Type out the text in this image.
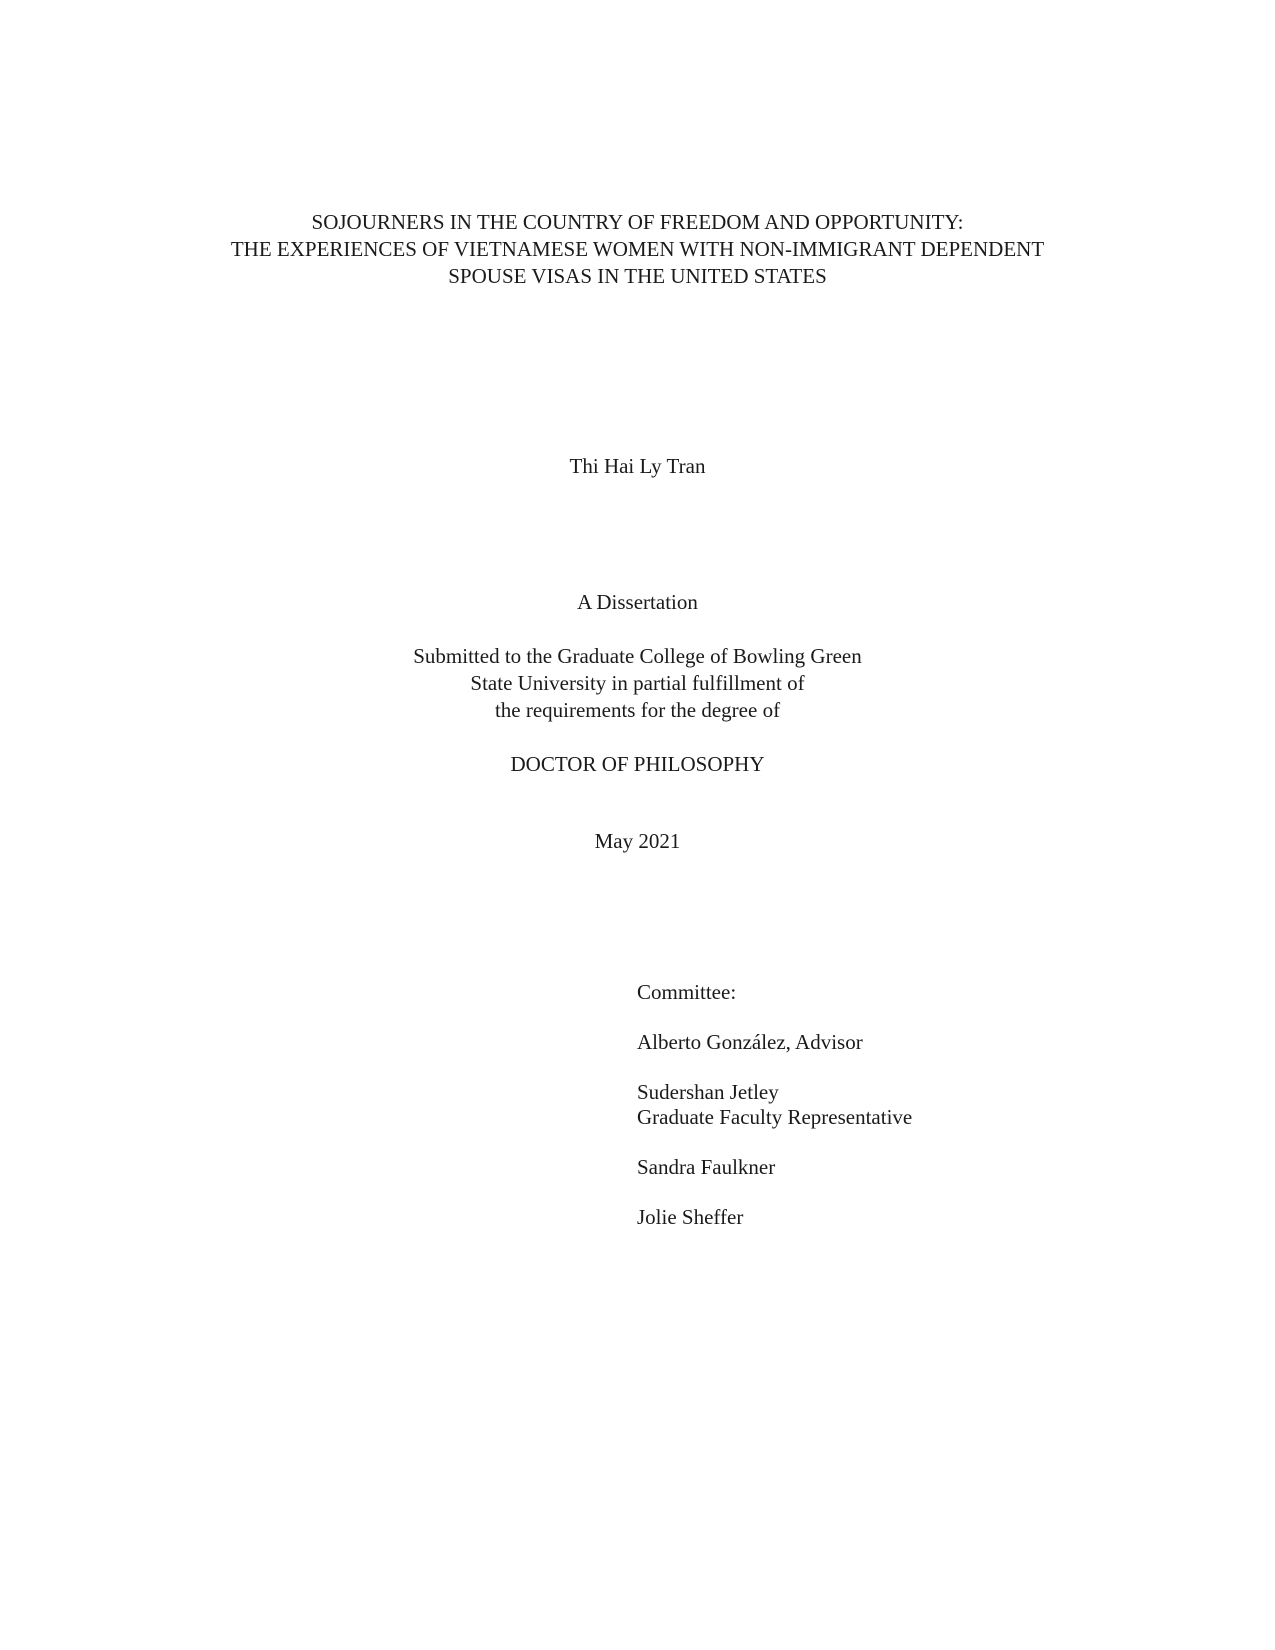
SOJOURNERS IN THE COUNTRY OF FREEDOM AND OPPORTUNITY:
THE EXPERIENCES OF VIETNAMESE WOMEN WITH NON-IMMIGRANT DEPENDENT
SPOUSE VISAS IN THE UNITED STATES
Thi Hai Ly Tran
A Dissertation
Submitted to the Graduate College of Bowling Green
State University in partial fulfillment of
the requirements for the degree of
DOCTOR OF PHILOSOPHY
May 2021
Committee:
Alberto González, Advisor
Sudershan Jetley
Graduate Faculty Representative
Sandra Faulkner
Jolie Sheffer
